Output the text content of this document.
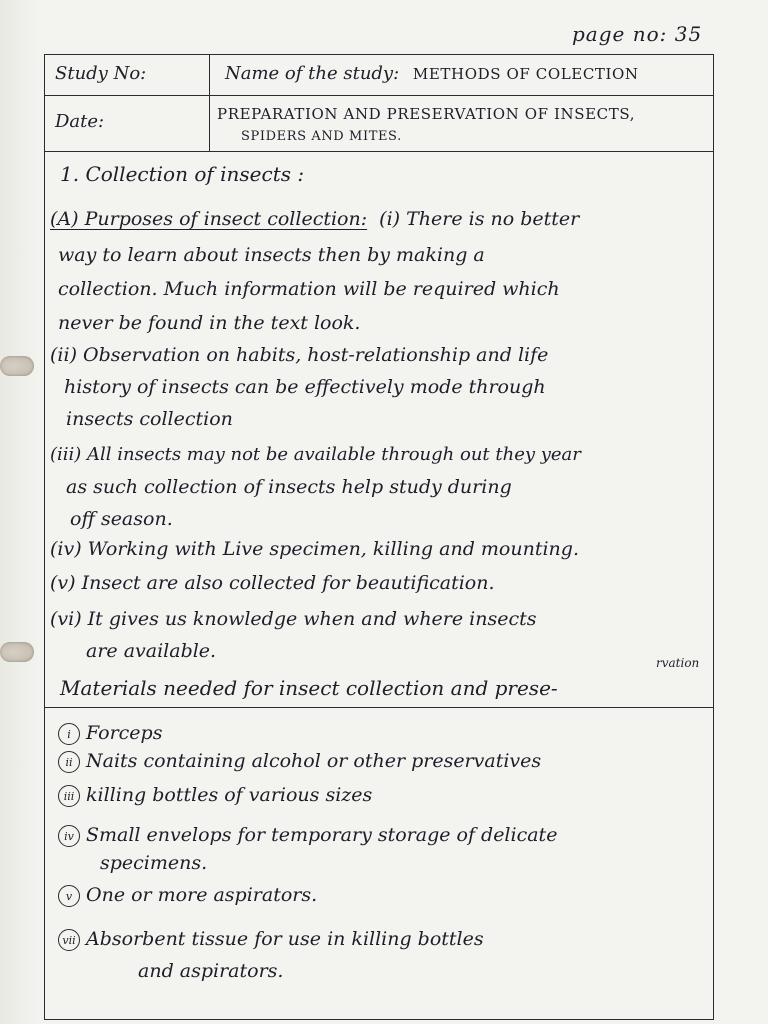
page no: 35
Study No:
Date:
Name of the study: METHODS OF COLECTION
PREPARATION AND PRESERVATION OF INSECTS,
SPIDERS AND MITES.
1. Collection of insects :
(A) Purposes of insect collection: (i) There is no better
way to learn about insects then by making a
collection. Much information will be required which
never be found in the text look.
(ii) Observation on habits, host-relationship and life
history of insects can be effectively mode through
insects collection
(iii) All insects may not be available through out they year
as such collection of insects help study during
off season.
(iv) Working with Live specimen, killing and mounting.
(v) Insect are also collected for beautification.
(vi) It gives us knowledge when and where insects
are available.
Materials needed for insect collection and prese-
rvation
i Forceps
ii Naits containing alcohol or other preservatives
iii killing bottles of various sizes
iv Small envelops for temporary storage of delicate
specimens.
v One or more aspirators.
vii Absorbent tissue for use in killing bottles
and aspirators.
